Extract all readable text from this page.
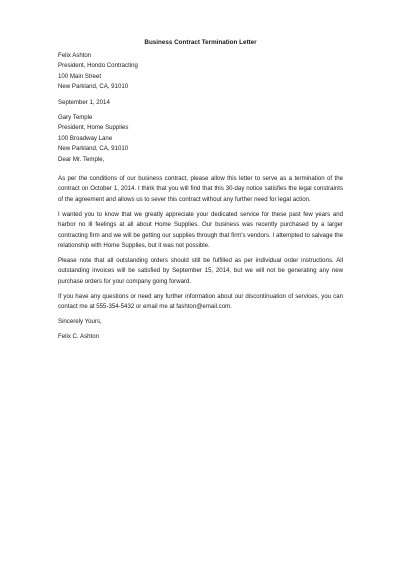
Business Contract Termination Letter
Felix Ashton
President, Hondo Contracting
100 Main Street
New Parkland, CA, 91010
September 1, 2014
Gary Temple
President, Home Supplies
100 Broadway Lane
New Parkland, CA, 91010
Dear Mr. Temple,

As per the conditions of our business contract, please allow this letter to serve as a termination of the contract on October 1, 2014. I think that you will find that this 30-day notice satisfies the legal constraints of the agreement and allows us to sever this contract without any further need for legal action.

I wanted you to know that we greatly appreciate your dedicated service for these past few years and harbor no ill feelings at all about Home Supplies. Our business was recently purchased by a larger contracting firm and we will be getting our supplies through that firm's vendors. I attempted to salvage the relationship with Home Supplies, but it was not possible.

Please note that all outstanding orders should still be fulfilled as per individual order instructions. All outstanding invoices will be satisfied by September 15, 2014, but we will not be generating any new purchase orders for your company going forward.

If you have any questions or need any further information about our discontinuation of services, you can contact me at 555-354-5432 or email me at fashton@email.com.

Sincerely Yours,
Felix C. Ashton
